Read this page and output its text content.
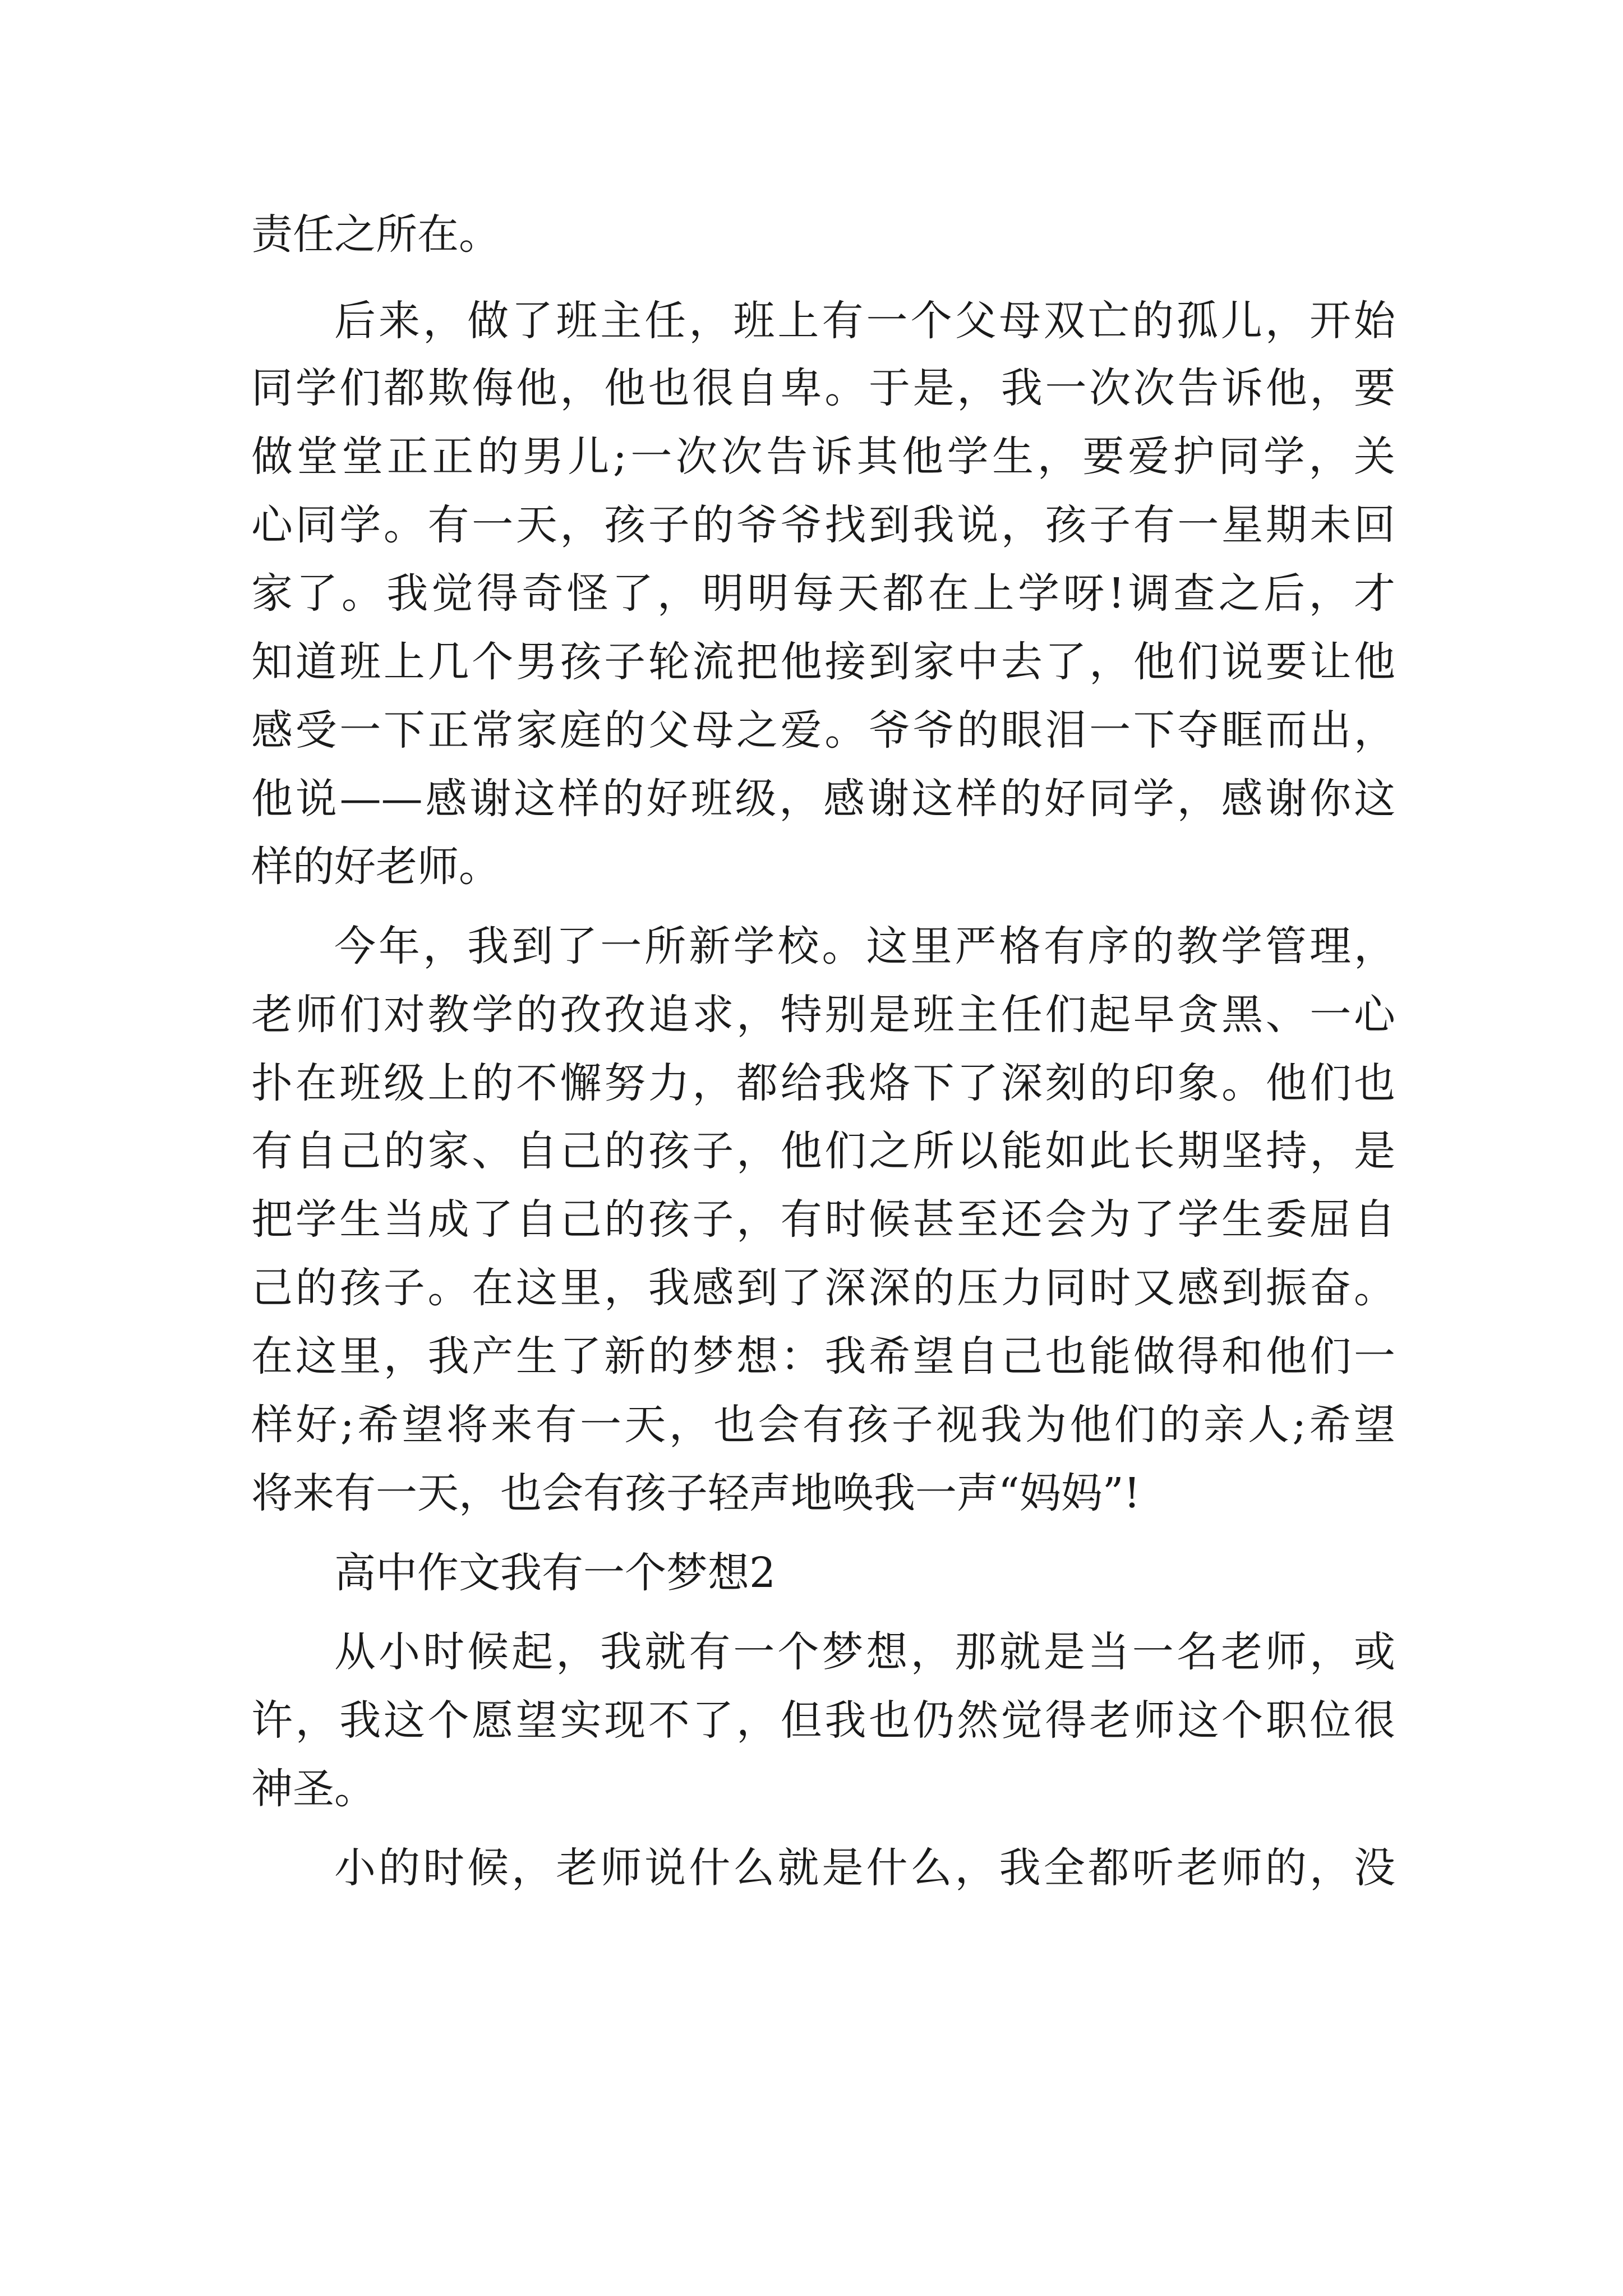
责任之所在。
后来，做了班主任，班上有一个父母双亡的孤儿，开始
同学们都欺侮他，他也很自卑。于是，我一次次告诉他，要
做堂堂正正的男儿;一次次告诉其他学生，要爱护同学，关
心同学。有一天，孩子的爷爷找到我说，孩子有一星期未回
家了。我觉得奇怪了，明明每天都在上学呀!调查之后，才
知道班上几个男孩子轮流把他接到家中去了，他们说要让他
感受一下正常家庭的父母之爱。爷爷的眼泪一下夺眶而出，
他说——感谢这样的好班级，感谢这样的好同学，感谢你这
样的好老师。
今年，我到了一所新学校。这里严格有序的教学管理，
老师们对教学的孜孜追求，特别是班主任们起早贪黑、一心
扑在班级上的不懈努力，都给我烙下了深刻的印象。他们也
有自己的家、自己的孩子，他们之所以能如此长期坚持，是
把学生当成了自己的孩子，有时候甚至还会为了学生委屈自
己的孩子。在这里，我感到了深深的压力同时又感到振奋。
在这里，我产生了新的梦想：我希望自己也能做得和他们一
样好;希望将来有一天，也会有孩子视我为他们的亲人;希望
将来有一天，也会有孩子轻声地唤我一声“妈妈”!
高中作文我有一个梦想2
从小时候起，我就有一个梦想，那就是当一名老师，或
许，我这个愿望实现不了，但我也仍然觉得老师这个职位很
神圣。
小的时候，老师说什么就是什么，我全都听老师的，没
